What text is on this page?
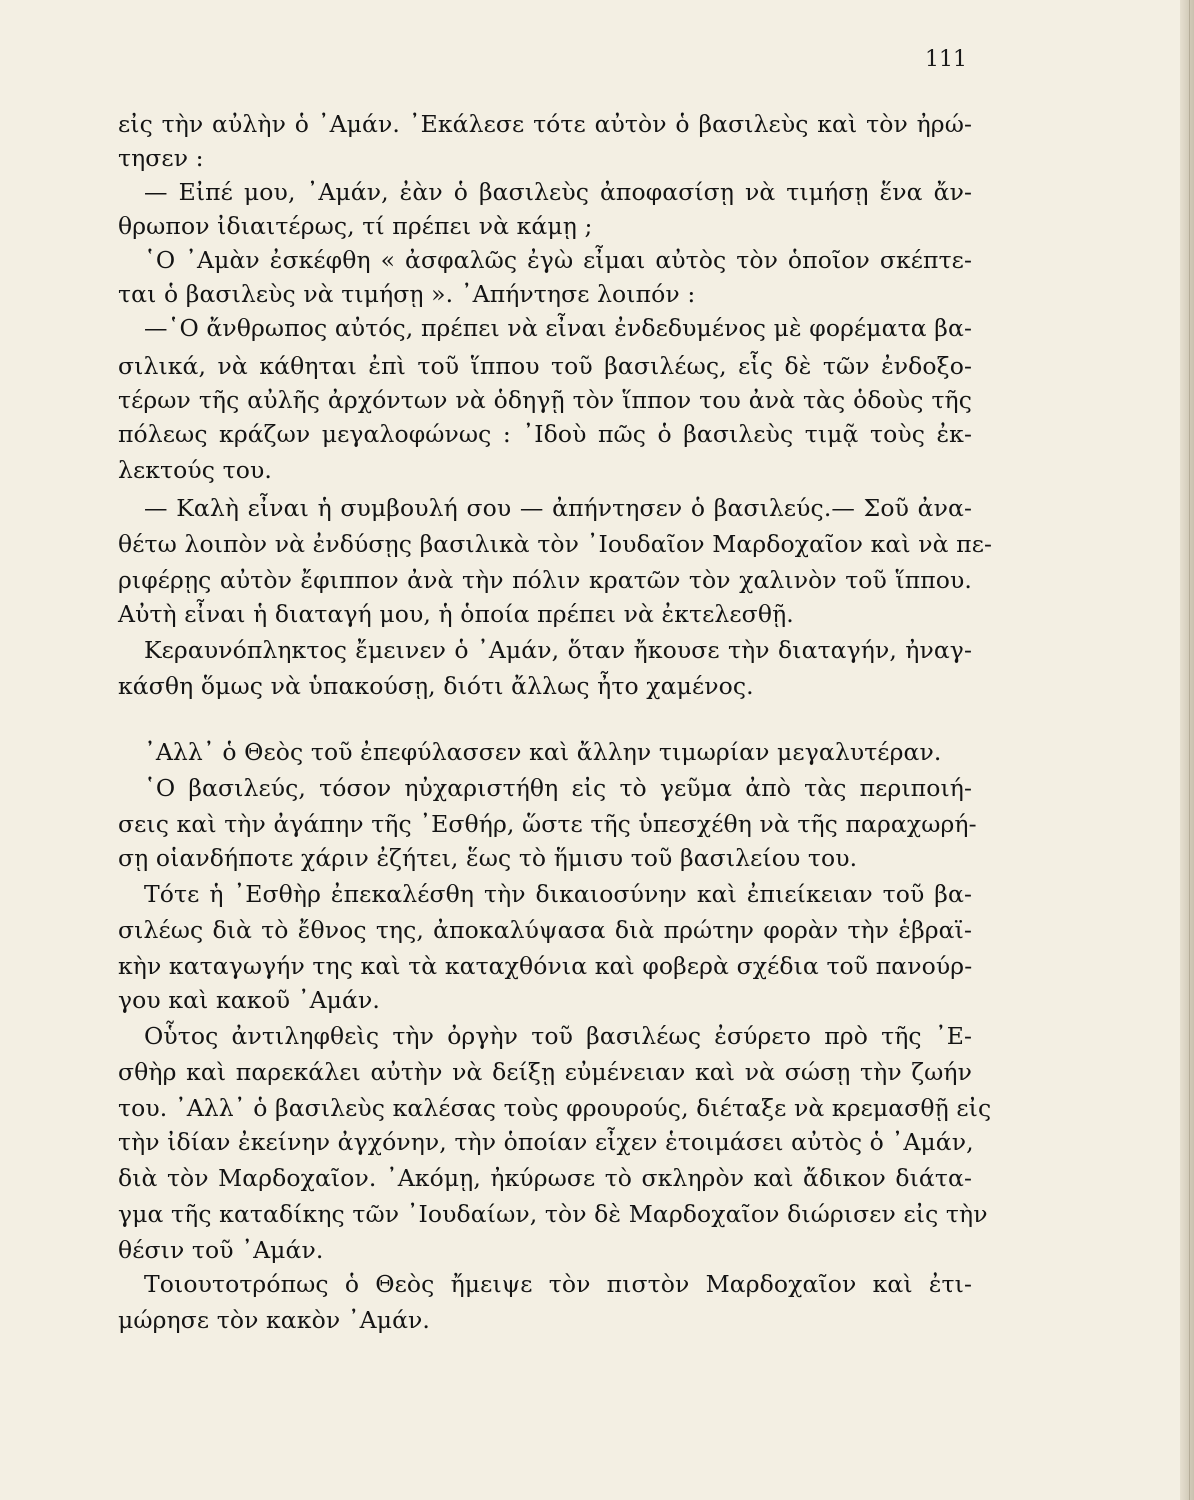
111
εἰς τὴν αὐλὴν ὁ ᾿Αμάν. ᾿Εκάλεσε τότε αὐτὸν ὁ βασιλεὺς καὶ τὸν ἠρώ-
τησεν :
— Εἰπέ μου, ᾿Αμάν, ἐὰν ὁ βασιλεὺς ἀποφασίσῃ νὰ τιμήσῃ ἕνα ἄν-
θρωπον ἰδιαιτέρως, τί πρέπει νὰ κάμῃ ;
῾Ο ᾿Αμὰν ἐσκέφθη « ἀσφαλῶς ἐγὼ εἶμαι αὐτὸς τὸν ὁποῖον σκέπτε-
ται ὁ βασιλεὺς νὰ τιμήσῃ ». ᾿Απήντησε λοιπόν :
—῾Ο ἄνθρωπος αὐτός, πρέπει νὰ εἶναι ἐνδεδυμένος μὲ φορέματα βα-
σιλικά, νὰ κάθηται ἐπὶ τοῦ ἵππου τοῦ βασιλέως, εἷς δὲ τῶν ἐνδοξο-
τέρων τῆς αὐλῆς ἀρχόντων νὰ ὁδηγῇ τὸν ἵππον του ἀνὰ τὰς ὁδοὺς τῆς
πόλεως κράζων μεγαλοφώνως : ᾿Ιδοὺ πῶς ὁ βασιλεὺς τιμᾷ τοὺς ἐκ-
λεκτούς του.
— Καλὴ εἶναι ἡ συμβουλή σου — ἀπήντησεν ὁ βασιλεύς.— Σοῦ ἀνα-
θέτω λοιπὸν νὰ ἐνδύσῃς βασιλικὰ τὸν ᾿Ιουδαῖον Μαρδοχαῖον καὶ νὰ πε-
ριφέρῃς αὐτὸν ἔφιππον ἀνὰ τὴν πόλιν κρατῶν τὸν χαλινὸν τοῦ ἵππου.
Αὐτὴ εἶναι ἡ διαταγή μου, ἡ ὁποία πρέπει νὰ ἐκτελεσθῇ.
Κεραυνόπληκτος ἔμεινεν ὁ ᾿Αμάν, ὅταν ἤκουσε τὴν διαταγήν, ἠναγ-
κάσθη ὅμως νὰ ὑπακούσῃ, διότι ἄλλως ἦτο χαμένος.
᾿Αλλ᾿ ὁ Θεὸς τοῦ ἐπεφύλασσεν καὶ ἄλλην τιμωρίαν μεγαλυτέραν.
῾Ο βασιλεύς, τόσον ηὐχαριστήθη εἰς τὸ γεῦμα ἀπὸ τὰς περιποιή-
σεις καὶ τὴν ἀγάπην τῆς ᾿Εσθήρ, ὥστε τῆς ὑπεσχέθη νὰ τῆς παραχωρή-
σῃ οἱανδήποτε χάριν ἐζήτει, ἕως τὸ ἥμισυ τοῦ βασιλείου του.
Τότε ἡ ᾿Εσθὴρ ἐπεκαλέσθη τὴν δικαιοσύνην καὶ ἐπιείκειαν τοῦ βα-
σιλέως διὰ τὸ ἔθνος της, ἀποκαλύψασα διὰ πρώτην φορὰν τὴν ἑβραϊ-
κὴν καταγωγήν της καὶ τὰ καταχθόνια καὶ φοβερὰ σχέδια τοῦ πανούρ-
γου καὶ κακοῦ ᾿Αμάν.
Οὗτος ἀντιληφθεὶς τὴν ὀργὴν τοῦ βασιλέως ἐσύρετο πρὸ τῆς ᾿Ε-
σθὴρ καὶ παρεκάλει αὐτὴν νὰ δείξῃ εὐμένειαν καὶ νὰ σώσῃ τὴν ζωήν
του. ᾿Αλλ᾿ ὁ βασιλεὺς καλέσας τοὺς φρουρούς, διέταξε νὰ κρεμασθῇ εἰς
τὴν ἰδίαν ἐκείνην ἀγχόνην, τὴν ὁποίαν εἶχεν ἑτοιμάσει αὐτὸς ὁ ᾿Αμάν,
διὰ τὸν Μαρδοχαῖον. ᾿Ακόμῃ, ἠκύρωσε τὸ σκληρὸν καὶ ἄδικον διάτα-
γμα τῆς καταδίκης τῶν ᾿Ιουδαίων, τὸν δὲ Μαρδοχαῖον διώρισεν εἰς τὴν
θέσιν τοῦ ᾿Αμάν.
Τοιουτοτρόπως ὁ Θεὸς ἤμειψε τὸν πιστὸν Μαρδοχαῖον καὶ ἐτι-
μώρησε τὸν κακὸν ᾿Αμάν.
